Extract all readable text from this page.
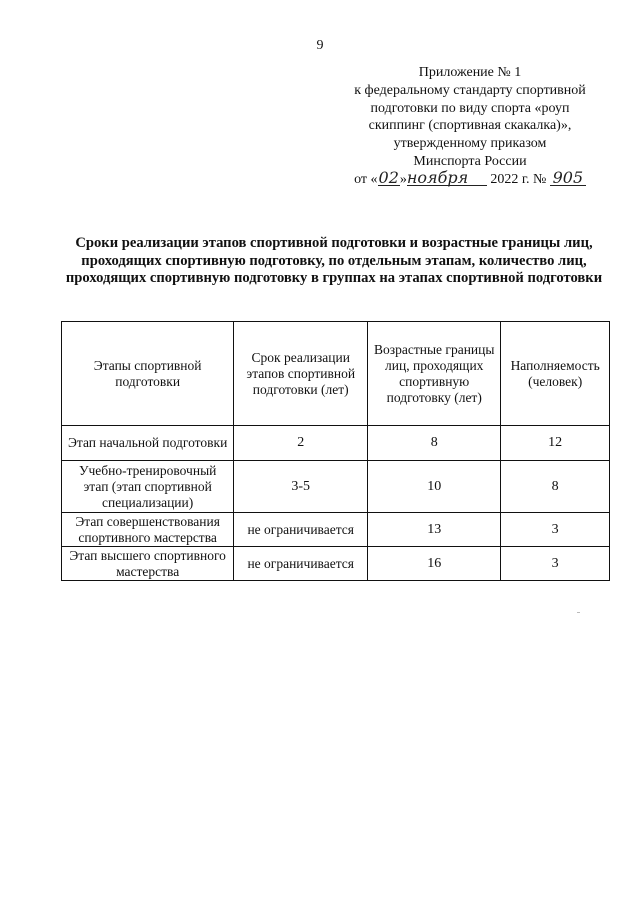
9
Приложение № 1
к федеральному стандарту спортивной
подготовки по виду спорта «роуп
скиппинг (спортивная скакалка)»,
утвержденному приказом
Минспорта России
от «02»ноября 2022 г. № 905
Сроки реализации этапов спортивной подготовки и возрастные границы лиц, проходящих спортивную подготовку, по отдельным этапам, количество лиц, проходящих спортивную подготовку в группах на этапах спортивной подготовки
Этапы спортивной подготовки	Срок реализации этапов спортивной подготовки (лет)	Возрастные границы лиц, проходящих спортивную подготовку (лет)	Наполняемость (человек)
Этап начальной подготовки	2	8	12
Учебно-тренировочный этап (этап спортивной специализации)	3-5	10	8
Этап совершенствования спортивного мастерства	не ограничивается	13	3
Этап высшего спортивного мастерства	не ограничивается	16	3
